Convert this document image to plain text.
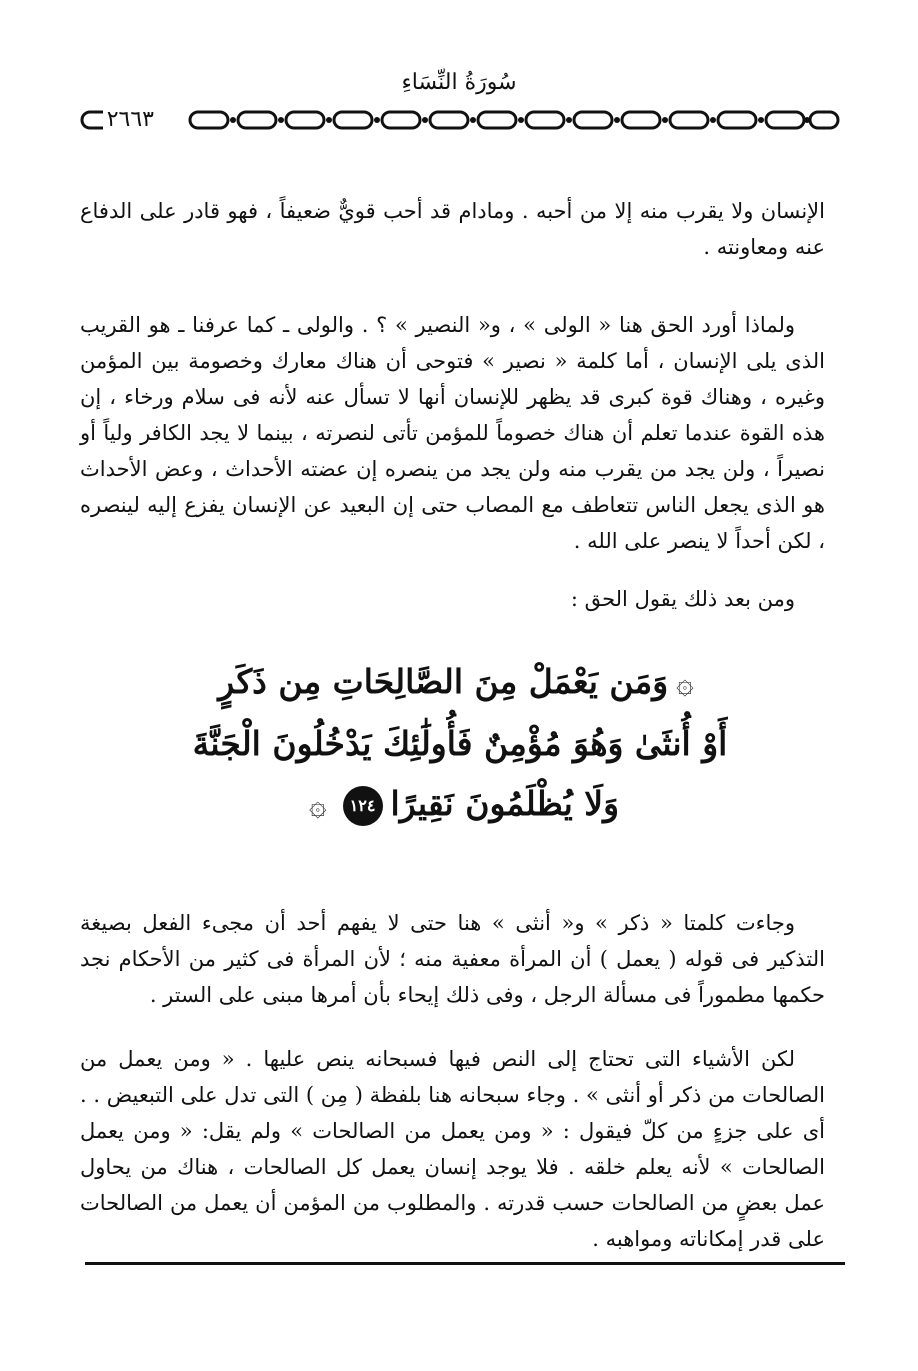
سُورَةُ النِّسَاءِ
٢٦٦٣

الإنسان ولا يقرب منه إلا من أحبه . ومادام قد أحب قويٌّ ضعيفاً ، فهو قادر على الدفاع عنه ومعاونته .

ولماذا أورد الحق هنا « الولى » ، و« النصير » ؟ . والولى ـ كما عرفنا ـ هو القريب الذى يلى الإنسان ، أما كلمة « نصير » فتوحى أن هناك معارك وخصومة بين المؤمن وغيره ، وهناك قوة كبرى قد يظهر للإنسان أنها لا تسأل عنه لأنه فى سلام ورخاء ، إن هذه القوة عندما تعلم أن هناك خصوماً للمؤمن تأتى لنصرته ، بينما لا يجد الكافر ولياً أو نصيراً ، ولن يجد من يقرب منه ولن يجد من ينصره إن عضته الأحداث ، وعض الأحداث هو الذى يجعل الناس تتعاطف مع المصاب حتى إن البعيد عن الإنسان يفزع إليه لينصره ، لكن أحداً لا ينصر على الله .

ومن بعد ذلك يقول الحق :

۞وَمَن يَعْمَلْ مِنَ الصَّالِحَاتِ مِن ذَكَرٍ
أَوْ أُنثَىٰ وَهُوَ مُؤْمِنٌ فَأُولَٰئِكَ يَدْخُلُونَ الْجَنَّةَ
وَلَا يُظْلَمُونَ نَقِيرًا١٢٤۞

وجاءت كلمتا « ذكر » و« أنثى » هنا حتى لا يفهم أحد أن مجىء الفعل بصيغة التذكير فى قوله ( يعمل ) أن المرأة معفية منه ؛ لأن المرأة فى كثير من الأحكام نجد حكمها مطموراً فى مسألة الرجل ، وفى ذلك إيحاء بأن أمرها مبنى على الستر .

لكن الأشياء التى تحتاج إلى النص فيها فسبحانه ينص عليها . « ومن يعمل من الصالحات من ذكر أو أنثى » . وجاء سبحانه هنا بلفظة ( مِن ) التى تدل على التبعيض . . أى على جزءٍ من كلّ فيقول : « ومن يعمل من الصالحات » ولم يقل: « ومن يعمل الصالحات » لأنه يعلم خلقه . فلا يوجد إنسان يعمل كل الصالحات ، هناك من يحاول عمل بعضٍ من الصالحات حسب قدرته . والمطلوب من المؤمن أن يعمل من الصالحات على قدر إمكاناته ومواهبه .
